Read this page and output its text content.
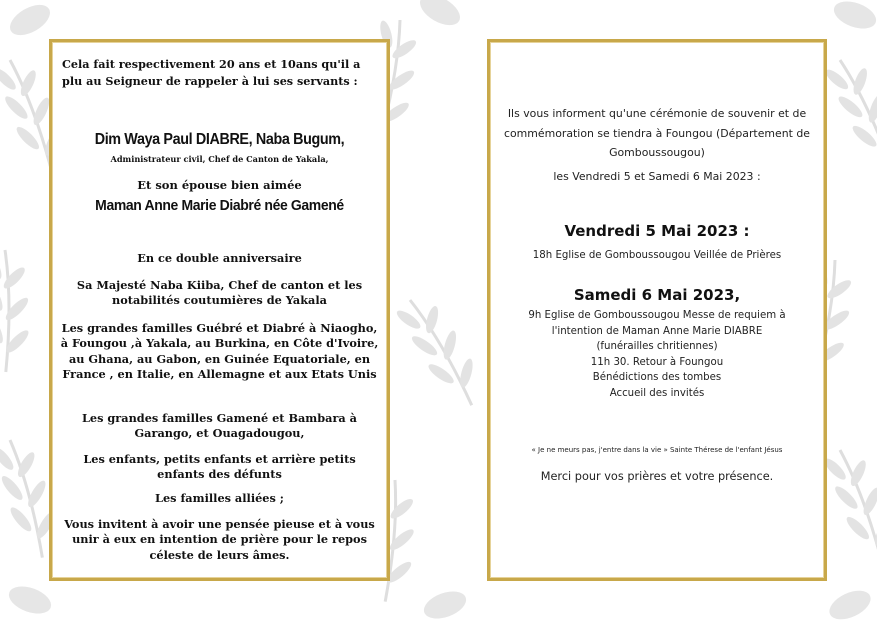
Cela fait respectivement 20 ans et 10ans qu'il a plu au Seigneur de rappeler à lui ses servants :

Dim Waya Paul DIABRE, Naba Bugum,

Administrateur civil, Chef de Canton de Yakala,

Et son épouse bien aimée

Maman Anne Marie Diabré née Gamené

En ce double anniversaire

Sa Majesté Naba Kiiba, Chef de canton et les notabilités coutumières de Yakala

Les grandes familles Guébré et Diabré à Niaogho, à Foungou ,à Yakala, au Burkina, en Côte d'Ivoire, au Ghana, au Gabon, en Guinée Equatoriale, en France , en Italie, en Allemagne et aux Etats Unis

Les grandes familles Gamené et Bambara à Garango, et Ouagadougou,

Les enfants, petits enfants et arrière petits enfants des défunts

Les familles alliées ;

Vous invitent à avoir une pensée pieuse et à vous unir à eux en intention de prière pour le repos céleste de leurs âmes.

Ils vous informent qu'une cérémonie de souvenir et de commémoration se tiendra à Foungou (Département de Gomboussougou)

les Vendredi 5 et Samedi 6 Mai 2023 :

Vendredi 5 Mai 2023 :

18h Eglise de Gomboussougou Veillée de Prières

Samedi 6 Mai 2023,

9h Eglise de Gomboussougou Messe de requiem à
l'intention de Maman Anne Marie DIABRE
(funérailles chritiennes)
11h 30. Retour à Foungou
Bénédictions des tombes
Accueil des invités

« Je ne meurs pas, j'entre dans la vie » Sainte Thérese de l'enfant Jésus

Merci pour vos prières et votre présence.
